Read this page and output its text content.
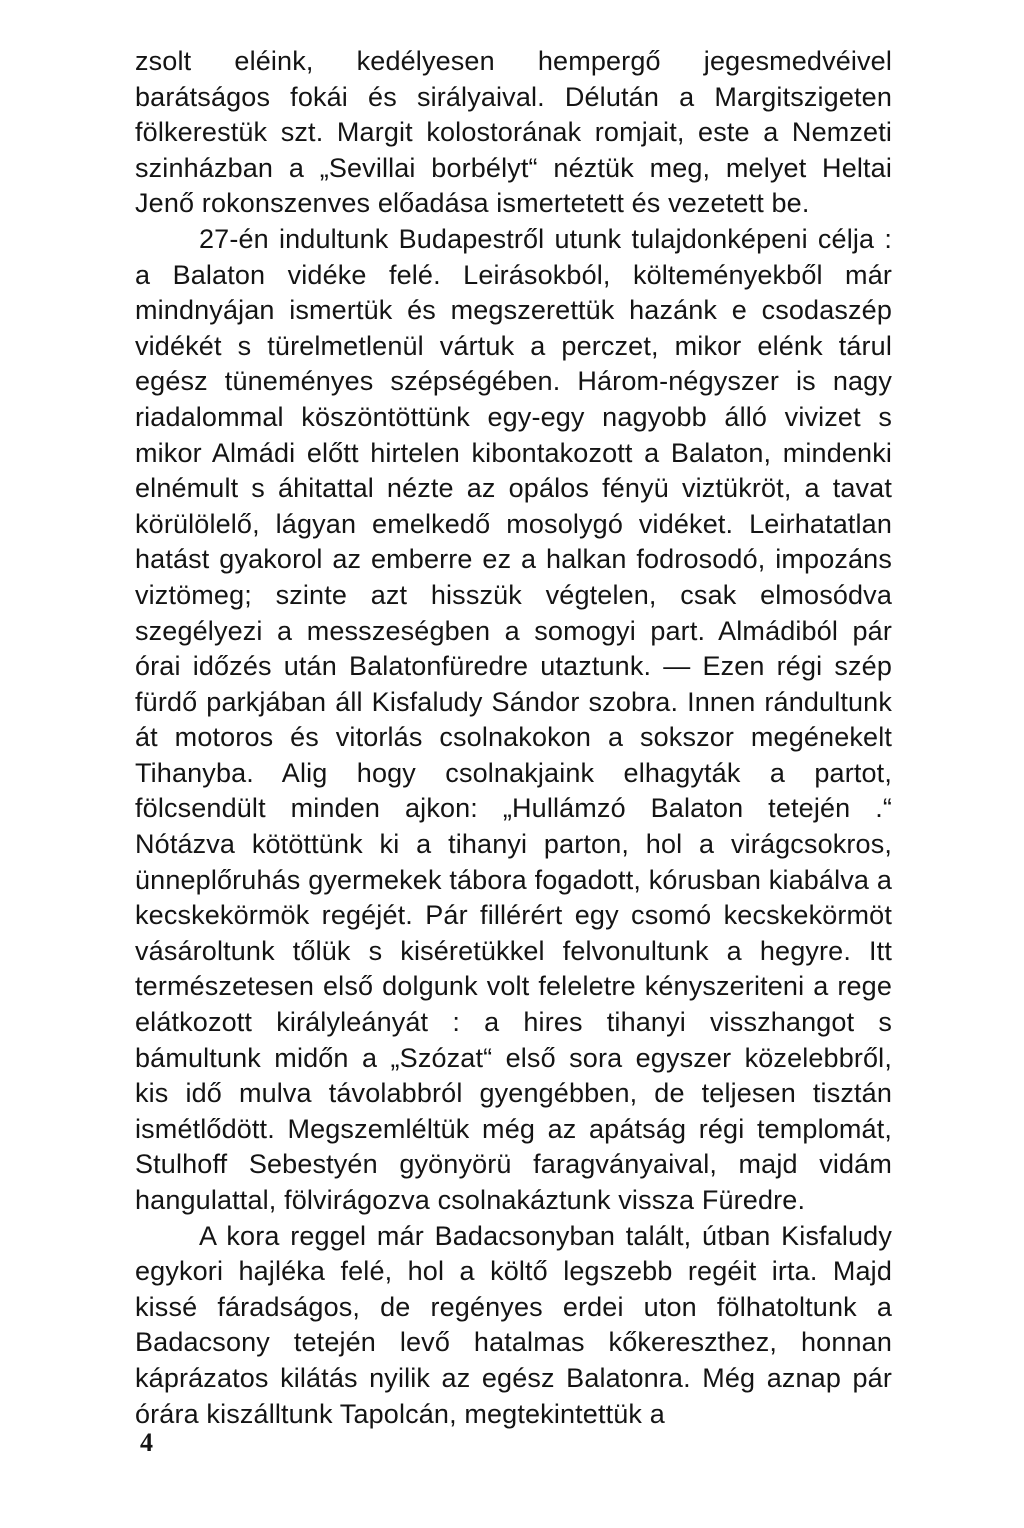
zsolt eléink, kedélyesen hempergő jegesmedvéivel barátságos fokái és sirályaival. Délután a Margitszigeten fölkerestük szt. Margit kolostorának romjait, este a Nemzeti szinházban a „Sevillai borbélyt“ néztük meg, melyet Heltai Jenő rokonszenves előadása ismertetett és vezetett be.

27-én indultunk Budapestről utunk tulajdonképeni célja : a Balaton vidéke felé. Leirásokból, költeményekből már mindnyájan ismertük és megszerettük hazánk e csodaszép vidékét s türelmetlenül vártuk a perczet, mikor elénk tárul egész tüneményes szépségében. Három-négyszer is nagy riadalommal köszöntöttünk egy-egy nagyobb álló vivizet s mikor Almádi előtt hirtelen kibontakozott a Balaton, mindenki elnémult s áhitattal nézte az opálos fényü viztükröt, a tavat körülölelő, lágyan emelkedő mosolygó vidéket. Leirhatatlan hatást gyakorol az emberre ez a halkan fodrosodó, impozáns viztömeg; szinte azt hisszük végtelen, csak elmosódva szegélyezi a messzeségben a somogyi part. Almádiból pár órai időzés után Balatonfüredre utaztunk. — Ezen régi szép fürdő parkjában áll Kisfaludy Sándor szobra. Innen rándultunk át motoros és vitorlás csolnakokon a sokszor megénekelt Tihanyba. Alig hogy csolnakjaink elhagyták a partot, fölcsendült minden ajkon: „Hullámzó Balaton tetején .“ Nótázva kötöttünk ki a tihanyi parton, hol a virágcsokros, ünneplőruhás gyermekek tábora fogadott, kórusban kiabálva a kecskekörmök regéjét. Pár fillérért egy csomó kecskekörmöt vásároltunk tőlük s kiséretükkel felvonultunk a hegyre. Itt természetesen első dolgunk volt feleletre kényszeriteni a rege elátkozott királyleányát : a hires tihanyi visszhangot s bámultunk midőn a „Szózat“ első sora egyszer közelebbről, kis idő mulva távolabbról gyengébben, de teljesen tisztán ismétlődött. Megszemléltük még az apátság régi templomát, Stulhoff Sebestyén gyönyörü faragványaival, majd vidám hangulattal, fölvirágozva csolnakáztunk vissza Füredre.

A kora reggel már Badacsonyban talált, útban Kisfaludy egykori hajléka felé, hol a költő legszebb regéit irta. Majd kissé fáradságos, de regényes erdei uton fölhatoltunk a Badacsony tetején levő hatalmas kőkereszthez, honnan káprázatos kilátás nyilik az egész Balatonra. Még aznap pár órára kiszálltunk Tapolcán, megtekintettük a

4
